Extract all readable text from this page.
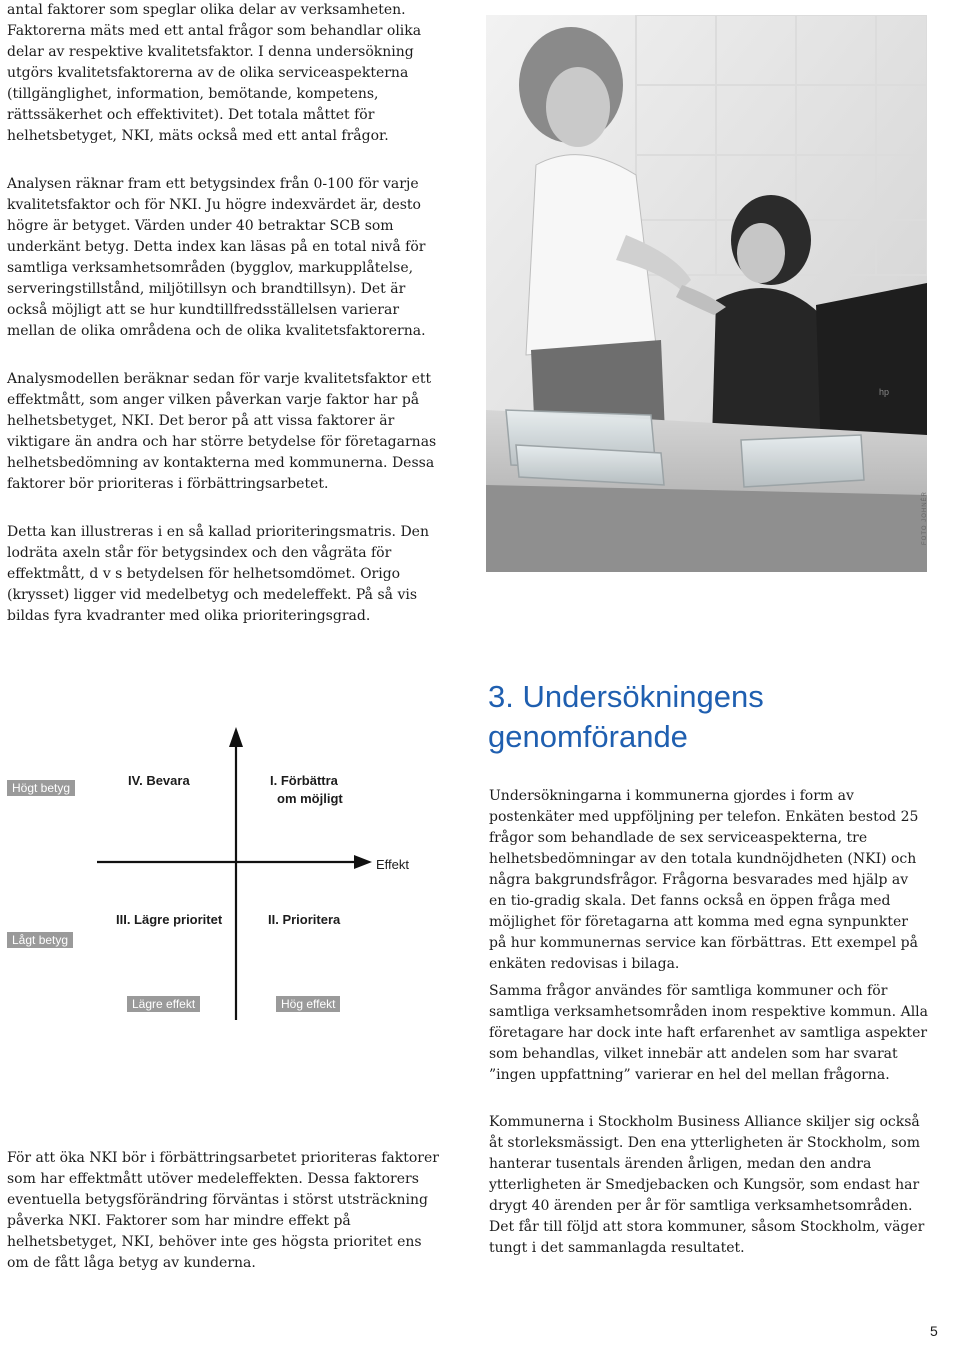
antal faktorer som speglar olika delar av verksamheten. Faktorerna mäts med ett antal frågor som behandlar olika delar av respektive kvalitetsfaktor. I denna undersökning utgörs kvalitetsfaktorerna av de olika serviceaspekterna (tillgänglighet, information, bemötande, kompetens, rättssäkerhet och effektivitet). Det totala måttet för helhetsbetyget, NKI, mäts också med ett antal frågor.

Analysen räknar fram ett betygsindex från 0-100 för varje kvalitetsfaktor och för NKI. Ju högre indexvärdet är, desto högre är betyget. Värden under 40 betraktar SCB som underkänt betyg. Detta index kan läsas på en total nivå för samtliga verksamhetsområden (bygglov, markupplåtelse, serveringstillstånd, miljötillsyn och brandtillsyn). Det är också möjligt att se hur kundtillfredsställelsen varierar mellan de olika områdena och de olika kvalitetsfaktorerna.

Analysmodellen beräknar sedan för varje kvalitetsfaktor ett effektmått, som anger vilken påverkan varje faktor har på helhetsbetyget, NKI. Det beror på att vissa faktorer är viktigare än andra och har större betydelse för företagarnas helhetsbedömning av kontakterna med kommunerna. Dessa faktorer bör prioriteras i förbättringsarbetet.

Detta kan illustreras i en så kallad prioriteringsmatris. Den lodräta axeln står för betygsindex och den vågräta för effektmått, d v s betydelsen för helhetsomdömet. Origo (krysset) ligger vid medelbetyg och medeleffekt. På så vis bildas fyra kvadranter med olika prioriteringsgrad.

För att öka NKI bör i förbättringsarbetet prioriteras faktorer som har effektmått utöver medeleffekten. Dessa faktorers eventuella betygsförändring förväntas i störst utsträckning påverka NKI. Faktorer som har mindre effekt på helhetsbetyget, NKI, behöver inte ges högsta prioritet ens om de fått låga betyg av kunderna.

hp
FOTO JOHNÉR
Högt betyg
Lågt betyg
Lägre effekt	Hög effekt
IV. Bevara	I. Förbättra
om möjligt
III. Lägre prioritet	II. Prioritera
Effekt
3. Undersökningens
genomförande

Undersökningarna i kommunerna gjordes i form av postenkäter med uppföljning per telefon. Enkäten bestod 25 frågor som behandlade de sex serviceaspekterna, tre helhetsbedömningar av den totala kundnöjdheten (NKI) och några bakgrundsfrågor. Frågorna besvarades med hjälp av en tio-gradig skala. Det fanns också en öppen fråga med möjlighet för företagarna att komma med egna synpunkter på hur kommunernas service kan förbättras. Ett exempel på enkäten redovisas i bilaga.

Samma frågor användes för samtliga kommuner och för samtliga verksamhetsområden inom respektive kommun. Alla företagare har dock inte haft erfarenhet av samtliga aspekter som behandlas, vilket innebär att andelen som har svarat ”ingen uppfattning” varierar en hel del mellan frågorna.

Kommunerna i Stockholm Business Alliance skiljer sig också åt storleksmässigt. Den ena ytterligheten är Stockholm, som hanterar tusentals ärenden årligen, medan den andra ytterligheten är Smedjebacken och Kungsör, som endast har drygt 40 ärenden per år för samtliga verksamhetsområden. Det får till följd att stora kommuner, såsom Stockholm, väger tungt i det sammanlagda resultatet.

5
